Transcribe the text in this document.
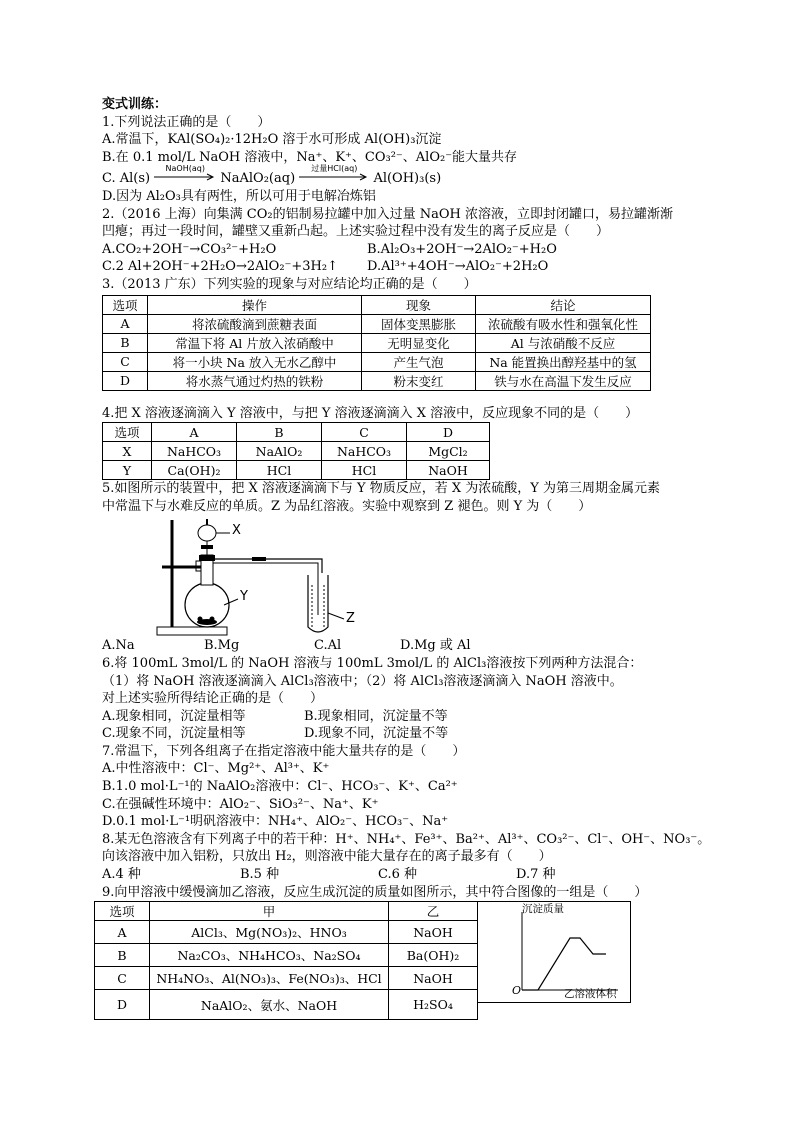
变式训练：
1.下列说法正确的是（　　）
A.常温下，KAl(SO₄)₂·12H₂O 溶于水可形成 Al(OH)₃沉淀
B.在 0.1 mol/L NaOH 溶液中，Na⁺、K⁺、CO₃²⁻、AlO₂⁻能大量共存
C. Al(s)
NaOH(aq)
NaAlO₂(aq)
过量HCl(aq)
Al(OH)₃(s)
D.因为 Al₂O₃具有两性，所以可用于电解冶炼铝
2.（2016 上海）向集满 CO₂的铝制易拉罐中加入过量 NaOH 浓溶液，立即封闭罐口，易拉罐渐渐
凹瘪；再过一段时间，罐壁又重新凸起。上述实验过程中没有发生的离子反应是（　　）
A.CO₂+2OH⁻→CO₃²⁻+H₂O	B.Al₂O₃+2OH⁻→2AlO₂⁻+H₂O
C.2 Al+2OH⁻+2H₂O→2AlO₂⁻+3H₂↑	D.Al³⁺+4OH⁻→AlO₂⁻+2H₂O
3.（2013 广东）下列实验的现象与对应结论均正确的是（　　）
选项	操作	现象	结论
A	将浓硫酸滴到蔗糖表面	固体变黑膨胀	浓硫酸有吸水性和强氧化性
B	常温下将 Al 片放入浓硝酸中	无明显变化	Al 与浓硝酸不反应
C	将一小块 Na 放入无水乙醇中	产生气泡	Na 能置换出醇羟基中的氢
D	将水蒸气通过灼热的铁粉	粉末变红	铁与水在高温下发生反应
4.把 X 溶液逐滴滴入 Y 溶液中，与把 Y 溶液逐滴滴入 X 溶液中，反应现象不同的是（　　）
选项	A	B	C	D
X	NaHCO₃	NaAlO₂	NaHCO₃	MgCl₂
Y	Ca(OH)₂	HCl	HCl	NaOH
5.如图所示的装置中，把 X 溶液逐滴滴下与 Y 物质反应，若 X 为浓硫酸，Y 为第三周期金属元素
中常温下与水难反应的单质。Z 为品红溶液。实验中观察到 Z 褪色。则 Y 为（　　）
X
Y
Z
A.Na	B.Mg	C.Al	D.Mg 或 Al
6.将 100mL 3mol/L 的 NaOH 溶液与 100mL 3mol/L 的 AlCl₃溶液按下列两种方法混合：
（1）将 NaOH 溶液逐滴滴入 AlCl₃溶液中；（2）将 AlCl₃溶液逐滴滴入 NaOH 溶液中。
对上述实验所得结论正确的是（　　）
A.现象相同，沉淀量相等	B.现象相同，沉淀量不等
C.现象不同，沉淀量相等	D.现象不同，沉淀量不等
7.常温下，下列各组离子在指定溶液中能大量共存的是（　　）
A.中性溶液中：Cl⁻、Mg²⁺、Al³⁺、K⁺
B.1.0 mol·L⁻¹的 NaAlO₂溶液中：Cl⁻、HCO₃⁻、K⁺、Ca²⁺
C.在强碱性环境中：AlO₂⁻、SiO₃²⁻、Na⁺、K⁺
D.0.1 mol·L⁻¹明矾溶液中：NH₄⁺、AlO₂⁻、HCO₃⁻、Na⁺
8.某无色溶液含有下列离子中的若干种：H⁺、NH₄⁺、Fe³⁺、Ba²⁺、Al³⁺、CO₃²⁻、Cl⁻、OH⁻、NO₃⁻。
向该溶液中加入铝粉，只放出 H₂，则溶液中能大量存在的离子最多有（　　）
A.4 种	B.5 种	C.6 种	D.7 种
9.向甲溶液中缓慢滴加乙溶液，反应生成沉淀的质量如图所示，其中符合图像的一组是（　　）
选项	甲	乙
A	AlCl₃、Mg(NO₃)₂、HNO₃	NaOH
B	Na₂CO₃、NH₄HCO₃、Na₂SO₄	Ba(OH)₂
C	NH₄NO₃、Al(NO₃)₃、Fe(NO₃)₃、HCl	NaOH
D	NaAlO₂、氨水、NaOH	H₂SO₄
沉淀质量
O	乙溶液体积
